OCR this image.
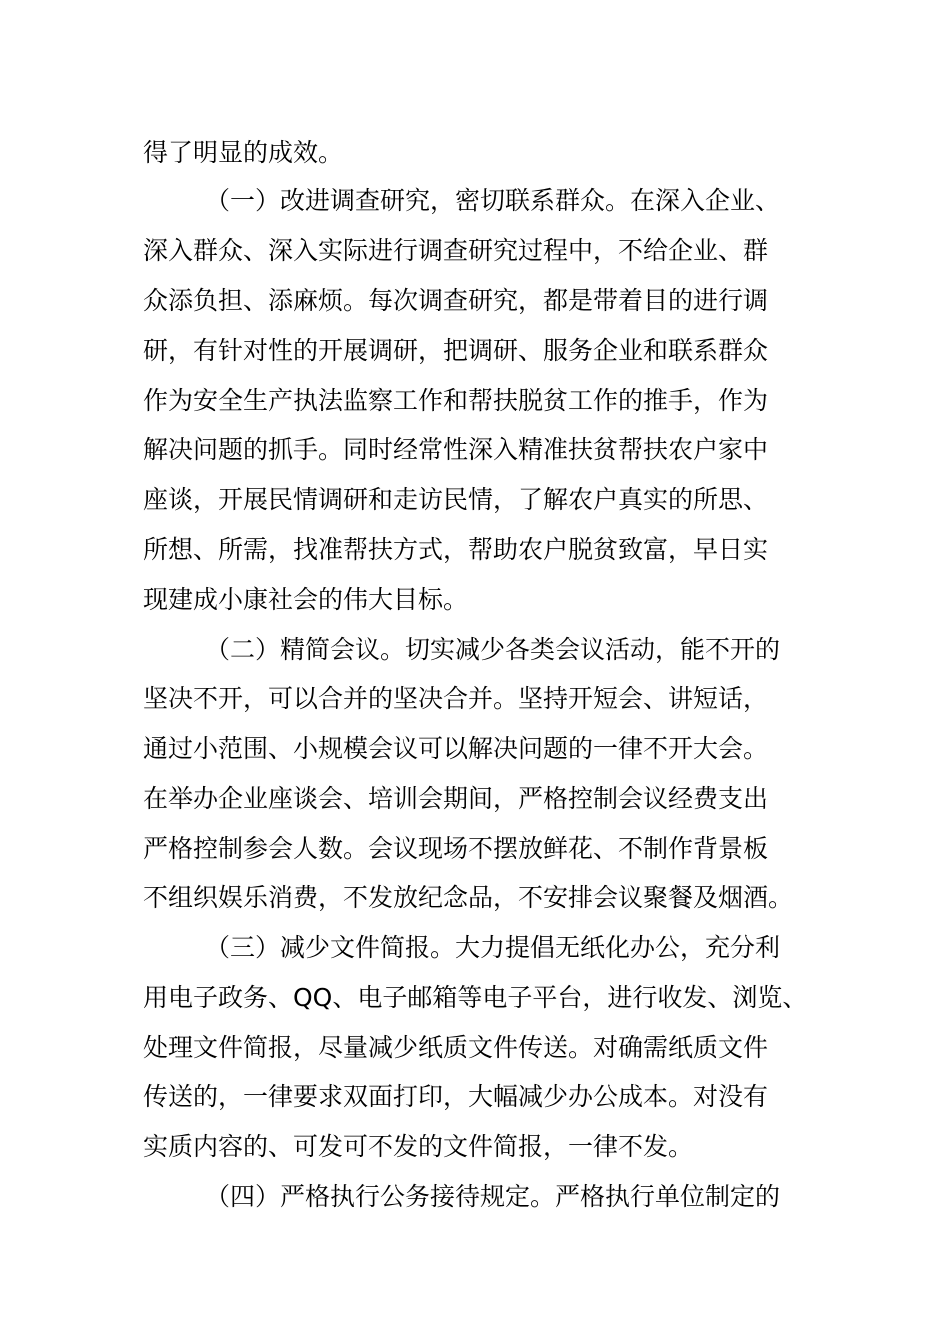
得了明显的成效。
（一）改进调查研究，密切联系群众。在深入企业、
深入群众、深入实际进行调查研究过程中，不给企业、群
众添负担、添麻烦。每次调查研究，都是带着目的进行调
研，有针对性的开展调研，把调研、服务企业和联系群众
作为安全生产执法监察工作和帮扶脱贫工作的推手，作为
解决问题的抓手。同时经常性深入精准扶贫帮扶农户家中
座谈，开展民情调研和走访民情，了解农户真实的所思、
所想、所需，找准帮扶方式，帮助农户脱贫致富，早日实
现建成小康社会的伟大目标。
（二）精简会议。切实减少各类会议活动，能不开的
坚决不开，可以合并的坚决合并。坚持开短会、讲短话，
通过小范围、小规模会议可以解决问题的一律不开大会。
在举办企业座谈会、培训会期间，严格控制会议经费支出
严格控制参会人数。会议现场不摆放鲜花、不制作背景板
不组织娱乐消费，不发放纪念品，不安排会议聚餐及烟酒。
（三）减少文件简报。大力提倡无纸化办公，充分利
用电子政务、QQ、电子邮箱等电子平台，进行收发、浏览、
处理文件简报，尽量减少纸质文件传送。对确需纸质文件
传送的，一律要求双面打印，大幅减少办公成本。对没有
实质内容的、可发可不发的文件简报，一律不发。
（四）严格执行公务接待规定。严格执行单位制定的
